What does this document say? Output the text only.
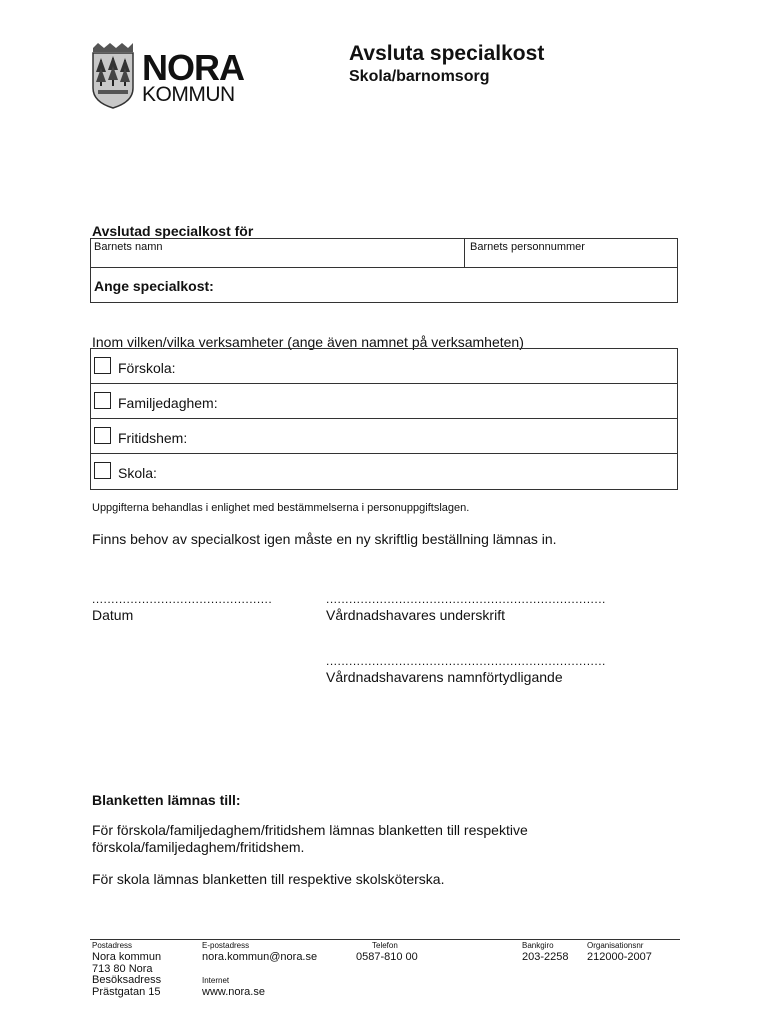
NORA
KOMMUN
Avsluta specialkost
Skola/barnomsorg
Avslutad specialkost för
Barnets namn	Barnets personnummer
Ange specialkost:
Inom vilken/vilka verksamheter (ange även namnet på verksamheten)
Förskola:
Familjedaghem:
Fritidshem:
Skola:
Uppgifterna behandlas i enlighet med bestämmelserna i personuppgiftslagen.
Finns behov av specialkost igen måste en ny skriftlig beställning lämnas in.
...............................................
Datum
.........................................................................
Vårdnadshavares underskrift
.........................................................................
Vårdnadshavarens namnförtydligande
Blanketten lämnas till:
För förskola/familjedaghem/fritidshem lämnas blanketten till respektive
förskola/familjedaghem/fritidshem.
För skola lämnas blanketten till respektive skolsköterska.
Postadress
Nora kommun
713 80 Nora
Besöksadress
Prästgatan 15
E-postadress
nora.kommun@nora.se
Internet
www.nora.se
Telefon
0587-810 00
Bankgiro
203-2258
Organisationsnr
212000-2007
